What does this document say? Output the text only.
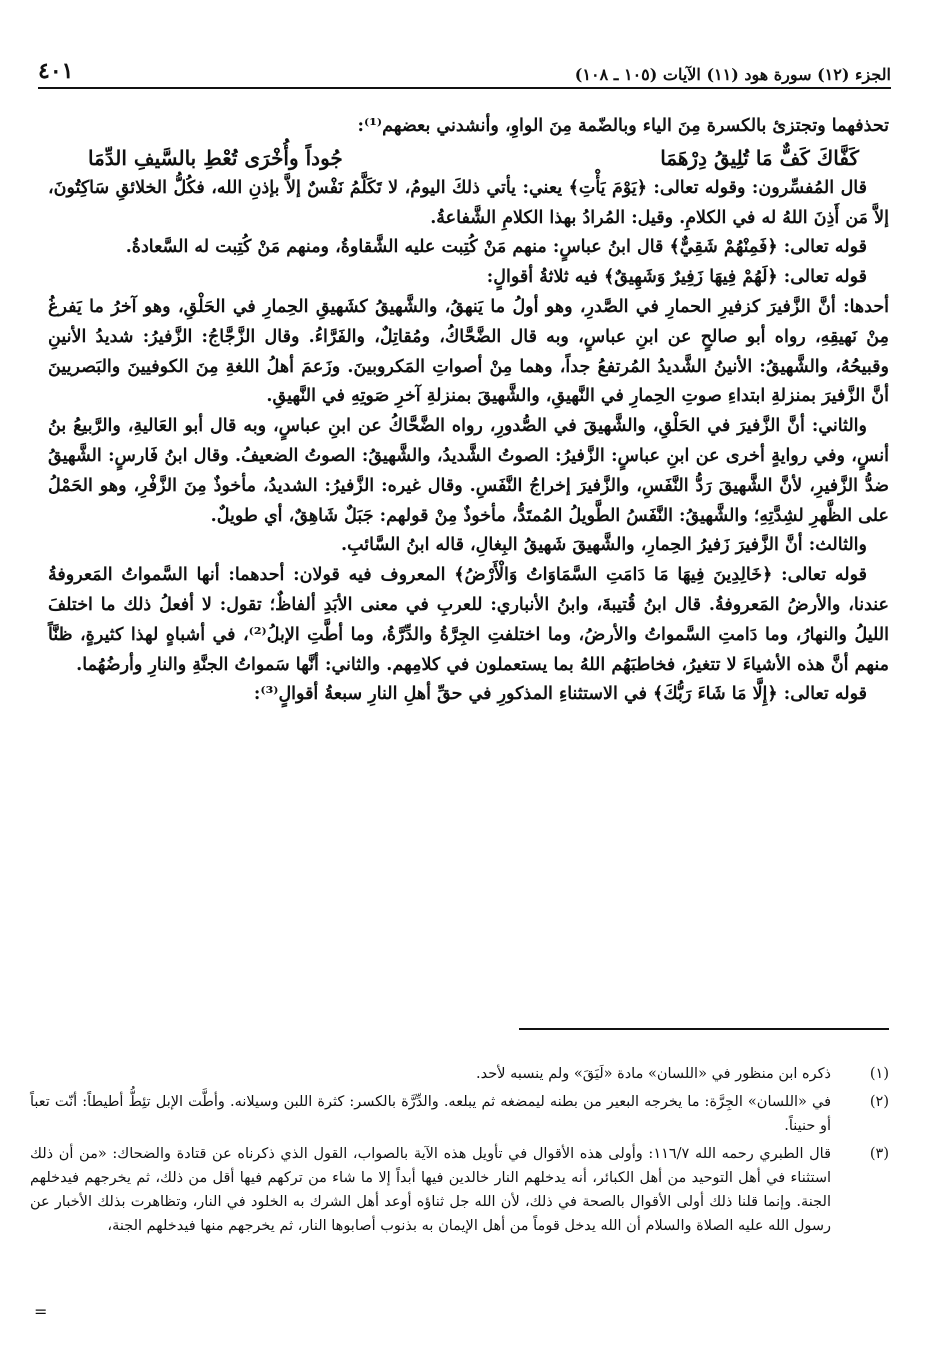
الجزء (١٢) سورة هود (١١) الآيات (١٠٥ ـ ١٠٨)
٤٠١

تحذفهما وتجتزئ بالكسرة مِنَ الياء وبالضّمة مِنَ الواوِ، وأنشدني بعضهم⁽¹⁾:

كَفَّاكَ كَفٌّ مَا تُلِيقُ دِرْهَمَا
جُوداً وأُخْرَى تُعْطِ بالسَّيفِ الدِّمَا

قال المُفسِّرون: وقوله تعالى: ﴿يَوْمَ يَأْتِ﴾ يعني: يأتي ذلكَ اليومُ، لا تَكَلَّمُ نَفْسٌ إلاَّ بإذنِ الله، فكُلُّ الخلائقِ سَاكِتُونَ، إلاَّ مَن أَذِنَ اللهُ له في الكلامِ. وقيل: المُرادُ بهذا الكلامِ الشَّفاعةُ.

قوله تعالى: ﴿فَمِنْهُمْ شَقِيٌّ﴾ قال ابنُ عباسٍ: منهم مَنْ كُتِبت عليه الشَّقاوةُ، ومنهم مَنْ كُتِبت له السَّعادةُ.

قوله تعالى: ﴿لَهُمْ فِيهَا زَفِيرٌ وَشَهِيقٌ﴾ فيه ثلاثةُ أقوالٍ:

أحدها: أنَّ الزَّفيرَ كزفيرِ الحمارِ في الصَّدرِ، وهو أولُ ما يَنهقُ، والشَّهيقُ كشَهيقِ الحِمارِ في الحَلْقِ، وهو آخرُ ما يَفرغُ مِنْ نَهيقِهِ، رواه أبو صالحٍ عن ابنِ عباسٍ، وبه قال الضَّحَّاكُ، ومُقاتِلٌ، والفَرَّاءُ. وقال الزَّجَّاجُ: الزَّفيرُ: شديدُ الأنينِ وقبيحُهُ، والشَّهيقُ: الأنينُ الشَّديدُ المُرتفعُ جداً، وهما مِنْ أصواتِ المَكروبينَ. وزَعمَ أهلُ اللغةِ مِنَ الكوفيينَ والبَصريينَ أنَّ الزَّفيرَ بمنزلةِ ابتداءِ صوتِ الحِمارِ في النَّهيقِ، والشَّهيقَ بمنزلةِ آخرِ صَوتِهِ في النَّهيقِ.

والثاني: أنَّ الزَّفيرَ في الحَلْقِ، والشَّهيقَ في الصُّدورِ، رواه الضَّحَّاكُ عن ابنِ عباسٍ، وبه قال أبو العَاليةِ، والرَّبيعُ بنُ أنسٍ، وفي روايةٍ أخرى عن ابنِ عباسٍ: الزَّفيرُ: الصوتُ الشَّديدُ، والشَّهيقُ: الصوتُ الضعيفُ. وقال ابنُ فَارسٍ: الشَّهيقُ ضدُّ الزَّفيرِ، لأنَّ الشَّهيقَ رَدُّ النَّفَسِ، والزَّفيرَ إخراجُ النَّفَسِ. وقال غيره: الزَّفيرُ: الشديدُ، مأخوذٌ مِنَ الزَّفْرِ، وهو الحَمْلُ على الظَّهرِ لشِدَّتِهِ؛ والشَّهيقُ: النَّفَسُ الطَّويلُ المُمتَدُّ، مأخوذٌ مِنْ قولهم: جَبَلٌ شَاهِقٌ، أي طويلٌ.

والثالث: أنَّ الزَّفيرَ زَفيرُ الحِمارِ، والشَّهيقَ شَهيقُ البِغالِ، قاله ابنُ السَّائبِ.

قوله تعالى: ﴿خَالِدِينَ فِيهَا مَا دَامَتِ السَّمَاوَاتُ وَالْأَرْضُ﴾ المعروف فيه قولان: أحدهما: أنها السَّمواتُ المَعروفةُ عندنا، والأرضُ المَعروفةُ. قال ابنُ قُتيبةَ، وابنُ الأنباري: للعربِ في معنى الأبَدِ ألفاظٌ؛ تقول: لا أفعلُ ذلك ما اختلفَ الليلُ والنهارُ، وما دَامتِ السَّمواتُ والأرضُ، وما اختلفتِ الجِرَّةُ والدِّرَّةُ، وما أطَّتِ الإبلُ⁽²⁾، في أشباهٍ لهذا كثيرةٍ، ظنَّاً منهم أنَّ هذه الأشياءَ لا تتغيرُ، فخاطبَهُم اللهُ بما يستعملون في كلامِهم. والثاني: أنَّها سَمواتُ الجنَّةِ والنارِ وأرضُهُما.

قوله تعالى: ﴿إِلَّا مَا شَاءَ رَبُّكَ﴾ في الاستثناءِ المذكورِ في حقِّ أهلِ النارِ سبعةُ أقوالٍ⁽³⁾:

(١)
ذكره ابن منظور في «اللسان» مادة «لَيَقَ» ولم ينسبه لأحد.
(٢)
في «اللسان» الجِرَّة: ما يخرجه البعير من بطنه ليمضغه ثم يبلعه. والدِّرَّة بالكسر: كثرة اللبن وسيلانه. وأطَّت الإبل تئِطُّ أطيطاً: أنّت تعباً أو حنيناً.
(٣)
قال الطبري رحمه الله ١١٦/٧: وأولى هذه الأقوال في تأويل هذه الآية بالصواب، القول الذي ذكرناه عن قتادة والضحاك: «من أن ذلك استثناء في أهل التوحيد من أهل الكبائر، أنه يدخلهم النار خالدين فيها أبداً إلا ما شاء من تركهم فيها أقل من ذلك، ثم يخرجهم فيدخلهم الجنة. وإنما قلنا ذلك أولى الأقوال بالصحة في ذلك، لأن الله جل ثناؤه أوعد أهل الشرك به الخلود في النار، وتظاهرت بذلك الأخبار عن رسول الله عليه الصلاة والسلام أن الله يدخل قوماً من أهل الإيمان به بذنوب أصابوها النار، ثم يخرجهم منها فيدخلهم الجنة،
=
